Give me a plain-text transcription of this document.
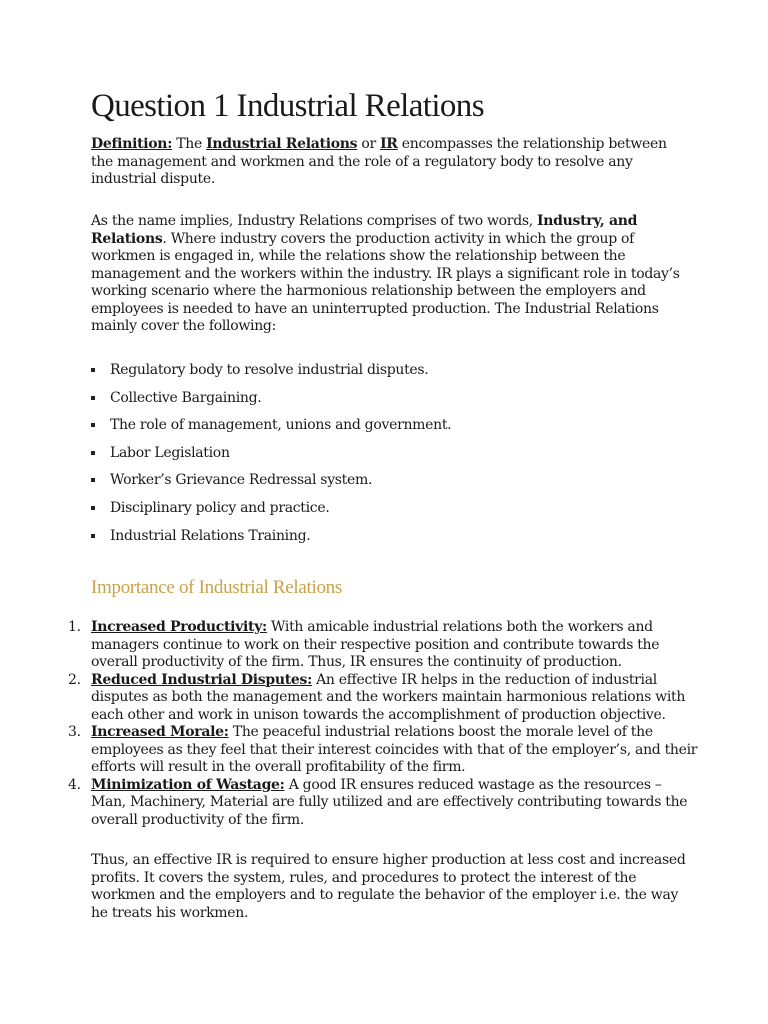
Question 1 Industrial Relations

Definition: The Industrial Relations or IR encompasses the relationship between the management and workmen and the role of a regulatory body to resolve any industrial dispute.

As the name implies, Industry Relations comprises of two words, Industry, and Relations. Where industry covers the production activity in which the group of workmen is engaged in, while the relations show the relationship between the management and the workers within the industry. IR plays a significant role in today’s working scenario where the harmonious relationship between the employers and employees is needed to have an uninterrupted production. The Industrial Relations mainly cover the following:

Regulatory body to resolve industrial disputes.
Collective Bargaining.
The role of management, unions and government.
Labor Legislation
Worker’s Grievance Redressal system.
Disciplinary policy and practice.
Industrial Relations Training.
Importance of Industrial Relations
1. Increased Productivity: With amicable industrial relations both the workers and managers continue to work on their respective position and contribute towards the overall productivity of the firm. Thus, IR ensures the continuity of production.
2. Reduced Industrial Disputes: An effective IR helps in the reduction of industrial disputes as both the management and the workers maintain harmonious relations with each other and work in unison towards the accomplishment of production objective.
3. Increased Morale: The peaceful industrial relations boost the morale level of the employees as they feel that their interest coincides with that of the employer’s, and their efforts will result in the overall profitability of the firm.
4. Minimization of Wastage: A good IR ensures reduced wastage as the resources – Man, Machinery, Material are fully utilized and are effectively contributing towards the overall productivity of the firm.

Thus, an effective IR is required to ensure higher production at less cost and increased profits. It covers the system, rules, and procedures to protect the interest of the workmen and the employers and to regulate the behavior of the employer i.e. the way he treats his workmen.
